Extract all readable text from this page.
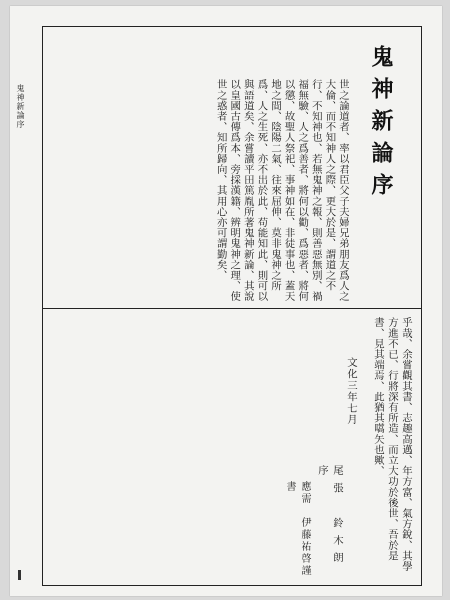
鬼神新論序	鬼神新論序
世之論道者、率以君臣父子夫婦兄弟朋友爲人之大倫、而不知神人之際、更大於是、謂道之不行、不知神也、若無鬼神之報、則善惡無別、禍福無驗、人之爲善者、將何以勸、爲惡者、將何以懲、故聖人祭祀、事神如在、非徒事也、蓋天地之間、陰陽二氣、往來屈伸、莫非鬼神之所爲、人之生死、亦不出於此、苟能知此、則可以與語道矣、余嘗讀平田篤胤所著鬼神新論、其說以皇國古傳爲本、旁採漢籍、辨明鬼神之理、使世之惑者、知所歸向、其用心亦可謂勤矣、
乎哉、余嘗觀其書、志趣高邁、年方富、氣方銳、其學方進不已、行將深有所造、而立大功於後世、吾於是書、見其端焉、此猶其嚆矢也歟、
文化三年七月
尾張　鈴木朗序
應需　伊藤祐啓謹書
